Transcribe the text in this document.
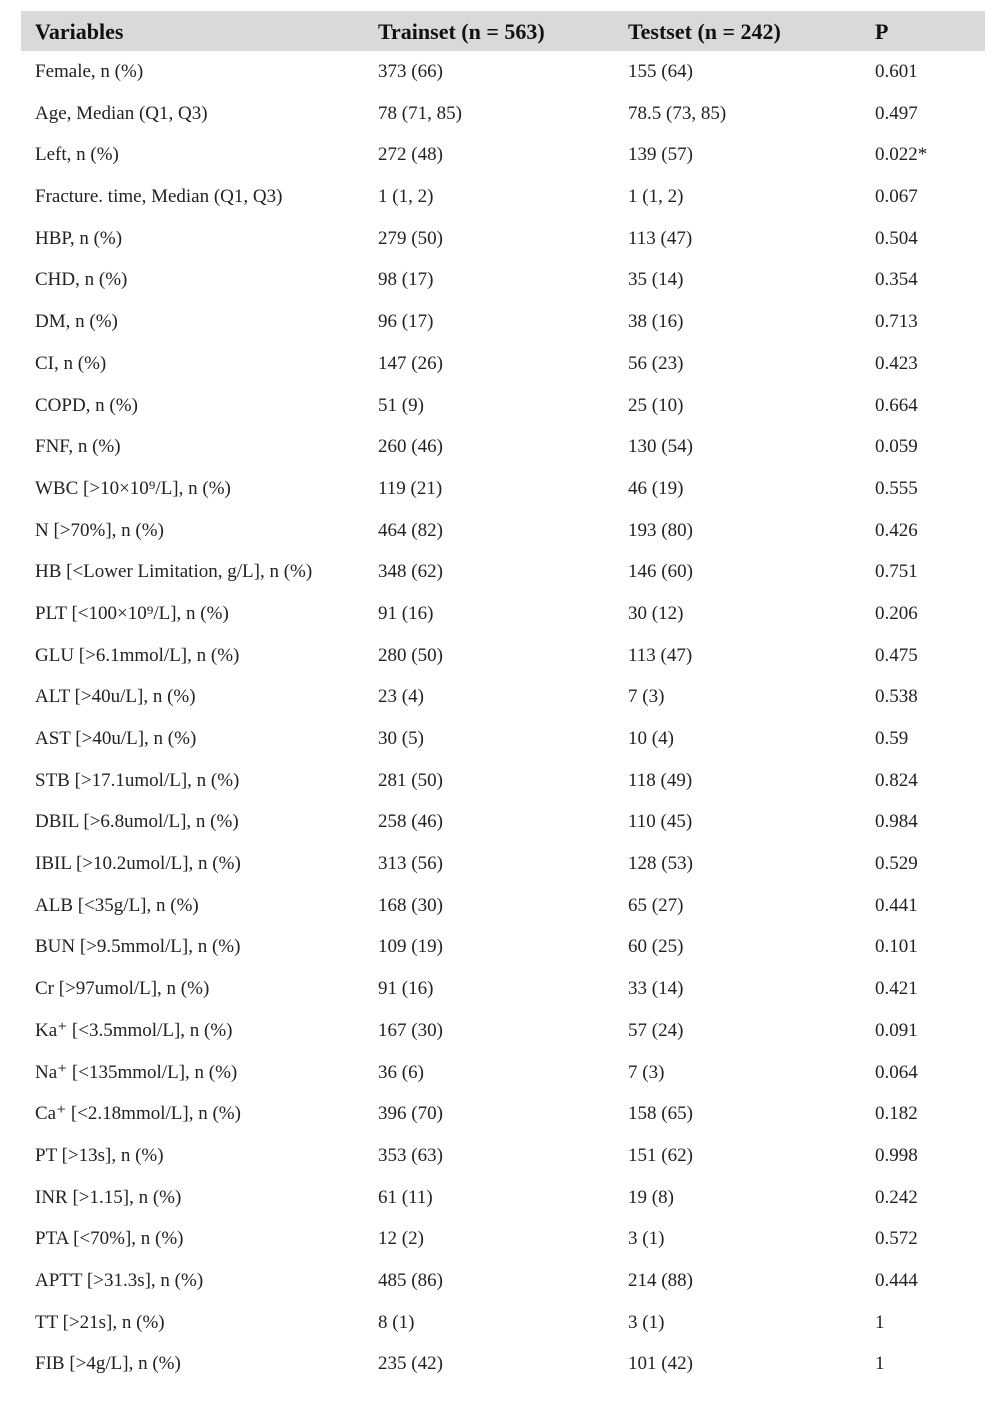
Variables	Trainset (n = 563)	Testset (n = 242)	P
Female, n (%)	373 (66)	155 (64)	0.601
Age, Median (Q1, Q3)	78 (71, 85)	78.5 (73, 85)	0.497
Left, n (%)	272 (48)	139 (57)	0.022*
Fracture. time, Median (Q1, Q3)	1 (1, 2)	1 (1, 2)	0.067
HBP, n (%)	279 (50)	113 (47)	0.504
CHD, n (%)	98 (17)	35 (14)	0.354
DM, n (%)	96 (17)	38 (16)	0.713
CI, n (%)	147 (26)	56 (23)	0.423
COPD, n (%)	51 (9)	25 (10)	0.664
FNF, n (%)	260 (46)	130 (54)	0.059
WBC [>10×10⁹/L], n (%)	119 (21)	46 (19)	0.555
N [>70%], n (%)	464 (82)	193 (80)	0.426
HB [<Lower Limitation, g/L], n (%)	348 (62)	146 (60)	0.751
PLT [<100×10⁹/L], n (%)	91 (16)	30 (12)	0.206
GLU [>6.1mmol/L], n (%)	280 (50)	113 (47)	0.475
ALT [>40u/L], n (%)	23 (4)	7 (3)	0.538
AST [>40u/L], n (%)	30 (5)	10 (4)	0.59
STB [>17.1umol/L], n (%)	281 (50)	118 (49)	0.824
DBIL [>6.8umol/L], n (%)	258 (46)	110 (45)	0.984
IBIL [>10.2umol/L], n (%)	313 (56)	128 (53)	0.529
ALB [<35g/L], n (%)	168 (30)	65 (27)	0.441
BUN [>9.5mmol/L], n (%)	109 (19)	60 (25)	0.101
Cr [>97umol/L], n (%)	91 (16)	33 (14)	0.421
Ka⁺ [<3.5mmol/L], n (%)	167 (30)	57 (24)	0.091
Na⁺ [<135mmol/L], n (%)	36 (6)	7 (3)	0.064
Ca⁺ [<2.18mmol/L], n (%)	396 (70)	158 (65)	0.182
PT [>13s], n (%)	353 (63)	151 (62)	0.998
INR [>1.15], n (%)	61 (11)	19 (8)	0.242
PTA [<70%], n (%)	12 (2)	3 (1)	0.572
APTT [>31.3s], n (%)	485 (86)	214 (88)	0.444
TT [>21s], n (%)	8 (1)	3 (1)	1
FIB [>4g/L], n (%)	235 (42)	101 (42)	1
